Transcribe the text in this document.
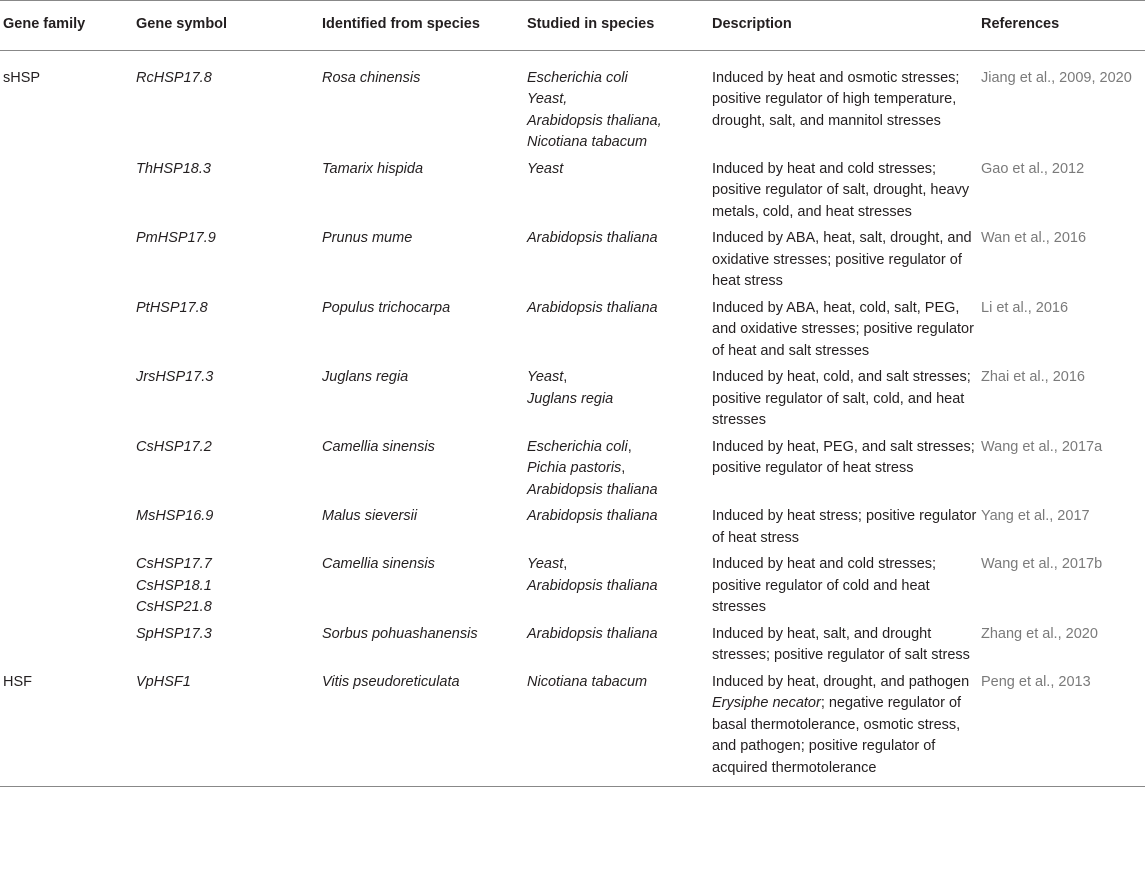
Gene family	Gene symbol	Identified from species	Studied in species	Description	References
sHSP	RcHSP17.8	Rosa chinensis	Escherichia coli
Yeast,
Arabidopsis thaliana,
Nicotiana tabacum	Induced by heat and osmotic stresses; positive regulator of high temperature, drought, salt, and mannitol stresses	Jiang et al., 2009, 2020

	ThHSP18.3	Tamarix hispida	Yeast	Induced by heat and cold stresses; positive regulator of salt, drought, heavy metals, cold, and heat stresses	Gao et al., 2012

	PmHSP17.9	Prunus mume	Arabidopsis thaliana	Induced by ABA, heat, salt, drought, and oxidative stresses; positive regulator of heat stress	Wan et al., 2016

	PtHSP17.8	Populus trichocarpa	Arabidopsis thaliana	Induced by ABA, heat, cold, salt, PEG, and oxidative stresses; positive regulator of heat and salt stresses	Li et al., 2016

	JrsHSP17.3	Juglans regia	Yeast,
Juglans regia	Induced by heat, cold, and salt stresses; positive regulator of salt, cold, and heat stresses	Zhai et al., 2016

	CsHSP17.2	Camellia sinensis	Escherichia coli,
Pichia pastoris,
Arabidopsis thaliana	Induced by heat, PEG, and salt stresses; positive regulator of heat stress	Wang et al., 2017a

	MsHSP16.9	Malus sieversii	Arabidopsis thaliana	Induced by heat stress; positive regulator of heat stress	Yang et al., 2017

	CsHSP17.7
CsHSP18.1
CsHSP21.8	Camellia sinensis	Yeast,
Arabidopsis thaliana	Induced by heat and cold stresses; positive regulator of cold and heat stresses	Wang et al., 2017b

	SpHSP17.3	Sorbus pohuashanensis	Arabidopsis thaliana	Induced by heat, salt, and drought stresses; positive regulator of salt stress	Zhang et al., 2020
HSF	VpHSF1	Vitis pseudoreticulata	Nicotiana tabacum	Induced by heat, drought, and pathogen Erysiphe necator; negative regulator of basal thermotolerance, osmotic stress, and pathogen; positive regulator of acquired thermotolerance	Peng et al., 2013
